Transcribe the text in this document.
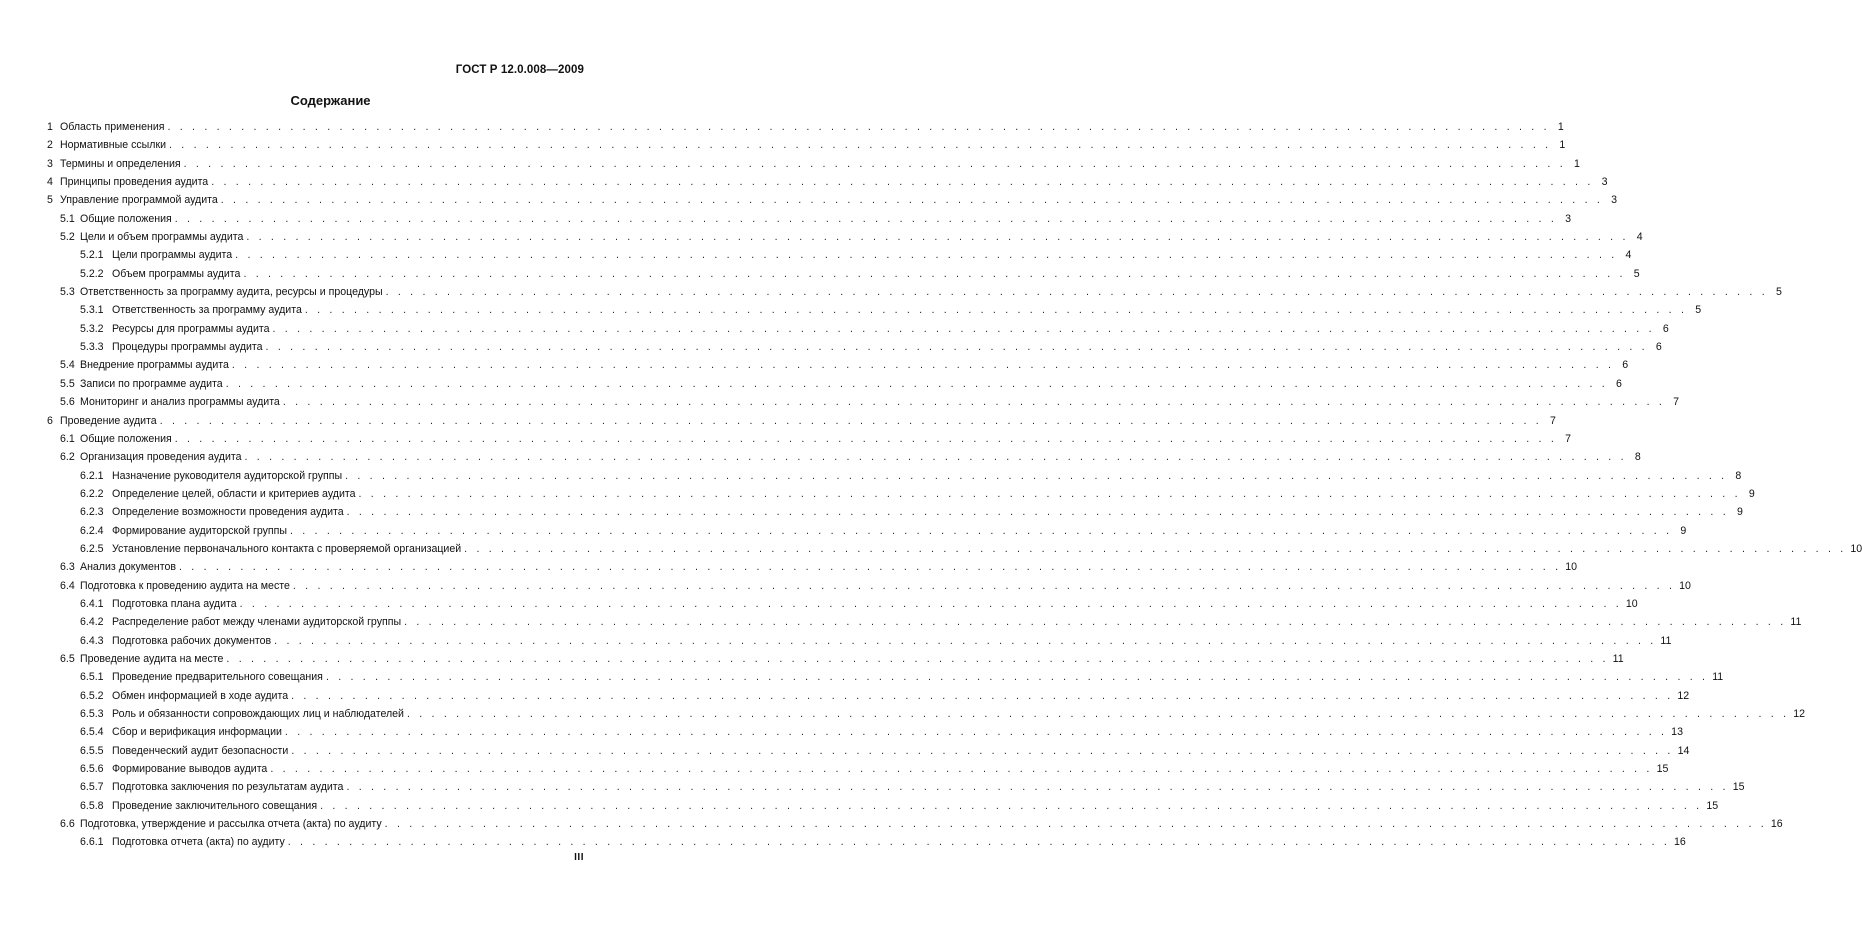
ГОСТ Р 12.0.008—2009
Содержание
1 Область применения . . .	1
2 Нормативные ссылки . . .	1
3 Термины и определения . . .	1
4 Принципы проведения аудита . . .	3
5 Управление программой аудита . . .	3
5.1 Общие положения . . .	3
5.2 Цели и объем программы аудита . . .	4
5.2.1 Цели программы аудита . . .	4
5.2.2 Объем программы аудита . . .	5
5.3 Ответственность за программу аудита, ресурсы и процедуры . . .	5
5.3.1 Ответственность за программу аудита . . .	5
5.3.2 Ресурсы для программы аудита . . .	6
5.3.3 Процедуры программы аудита . . .	6
5.4 Внедрение программы аудита . . .	6
5.5 Записи по программе аудита . . .	6
5.6 Мониторинг и анализ программы аудита . . .	7
6 Проведение аудита . . .	7
6.1 Общие положения . . .	7
6.2 Организация проведения аудита . . .	8
6.2.1 Назначение руководителя аудиторской группы . . .	8
6.2.2 Определение целей, области и критериев аудита . . .	9
6.2.3 Определение возможности проведения аудита . . .	9
6.2.4 Формирование аудиторской группы . . .	9
6.2.5 Установление первоначального контакта с проверяемой организацией . . .	10
6.3 Анализ документов . . .	10
6.4 Подготовка к проведению аудита на месте . . .	10
6.4.1 Подготовка плана аудита . . .	10
6.4.2 Распределение работ между членами аудиторской группы . . .	11
6.4.3 Подготовка рабочих документов . . .	11
6.5 Проведение аудита на месте . . .	11
6.5.1 Проведение предварительного совещания . . .	11
6.5.2 Обмен информацией в ходе аудита . . .	12
6.5.3 Роль и обязанности сопровождающих лиц и наблюдателей . . .	12
6.5.4 Сбор и верификация информации . . .	13
6.5.5 Поведенческий аудит безопасности . . .	14
6.5.6 Формирование выводов аудита . . .	15
6.5.7 Подготовка заключения по результатам аудита . . .	15
6.5.8 Проведение заключительного совещания . . .	15
6.6 Подготовка, утверждение и рассылка отчета (акта) по аудиту . . .	16
6.6.1 Подготовка отчета (акта) по аудиту . . .	16
III
